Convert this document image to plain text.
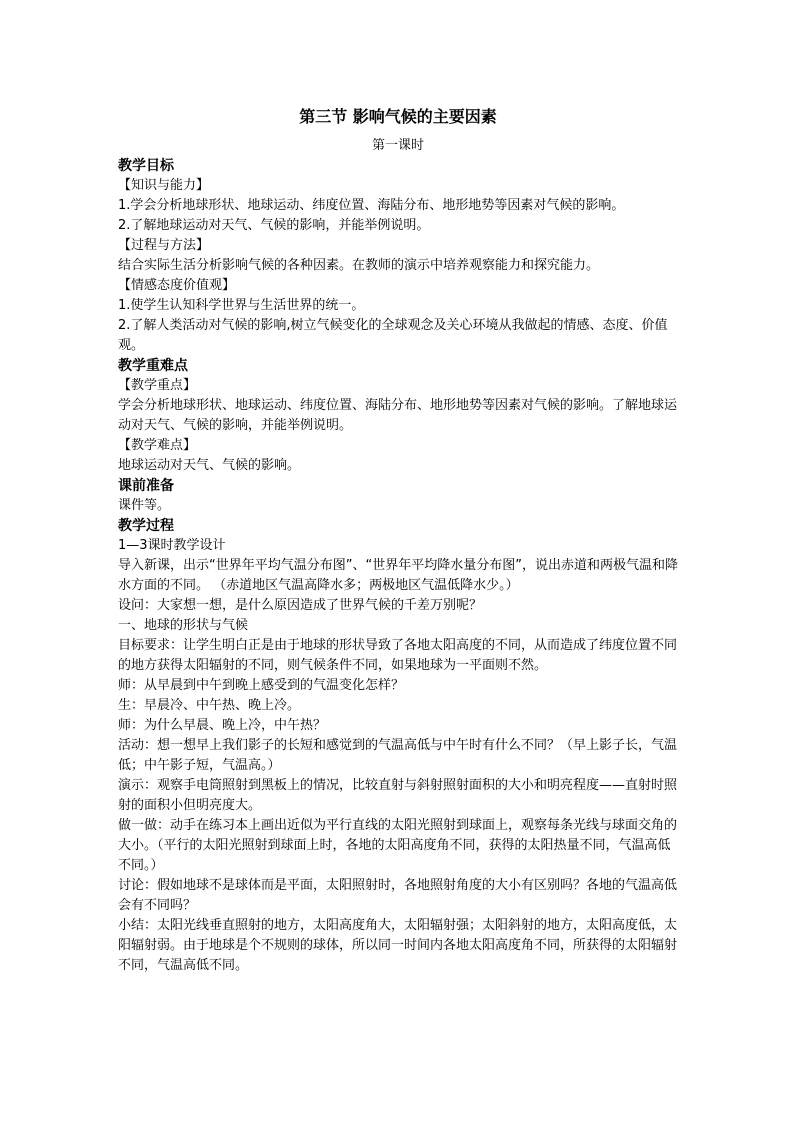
第三节 影响气候的主要因素
第一课时
教学目标
【知识与能力】
1.学会分析地球形状、地球运动、纬度位置、海陆分布、地形地势等因素对气候的影响。
2.了解地球运动对天气、气候的影响，并能举例说明。
【过程与方法】
结合实际生活分析影响气候的各种因素。在教师的演示中培养观察能力和探究能力。
【情感态度价值观】
1.使学生认知科学世界与生活世界的统一。
2.了解人类活动对气候的影响,树立气候变化的全球观念及关心环境从我做起的情感、态度、价值观。
教学重难点
【教学重点】
学会分析地球形状、地球运动、纬度位置、海陆分布、地形地势等因素对气候的影响。了解地球运动对天气、气候的影响，并能举例说明。
【教学难点】
地球运动对天气、气候的影响。
课前准备
课件等。
教学过程
1—3课时教学设计
导入新课，出示“世界年平均气温分布图”、“世界年平均降水量分布图”，说出赤道和两极气温和降水方面的不同。 （赤道地区气温高降水多；两极地区气温低降水少。）
设问：大家想一想，是什么原因造成了世界气候的千差万别呢？
一、地球的形状与气候
目标要求：让学生明白正是由于地球的形状导致了各地太阳高度的不同，从而造成了纬度位置不同的地方获得太阳辐射的不同，则气候条件不同，如果地球为一平面则不然。
师：从早晨到中午到晚上感受到的气温变化怎样？
生：早晨冷、中午热、晚上冷。
师：为什么早晨、晚上冷，中午热？
活动：想一想早上我们影子的长短和感觉到的气温高低与中午时有什么不同？（早上影子长，气温低；中午影子短，气温高。）
演示：观察手电筒照射到黑板上的情况，比较直射与斜射照射面积的大小和明亮程度——直射时照射的面积小但明亮度大。
做一做：动手在练习本上画出近似为平行直线的太阳光照射到球面上，观察每条光线与球面交角的大小。（平行的太阳光照射到球面上时，各地的太阳高度角不同，获得的太阳热量不同，气温高低不同。）
讨论：假如地球不是球体而是平面，太阳照射时，各地照射角度的大小有区别吗？各地的气温高低会有不同吗？
小结：太阳光线垂直照射的地方，太阳高度角大，太阳辐射强；太阳斜射的地方，太阳高度低，太阳辐射弱。由于地球是个不规则的球体，所以同一时间内各地太阳高度角不同，所获得的太阳辐射不同，气温高低不同。
